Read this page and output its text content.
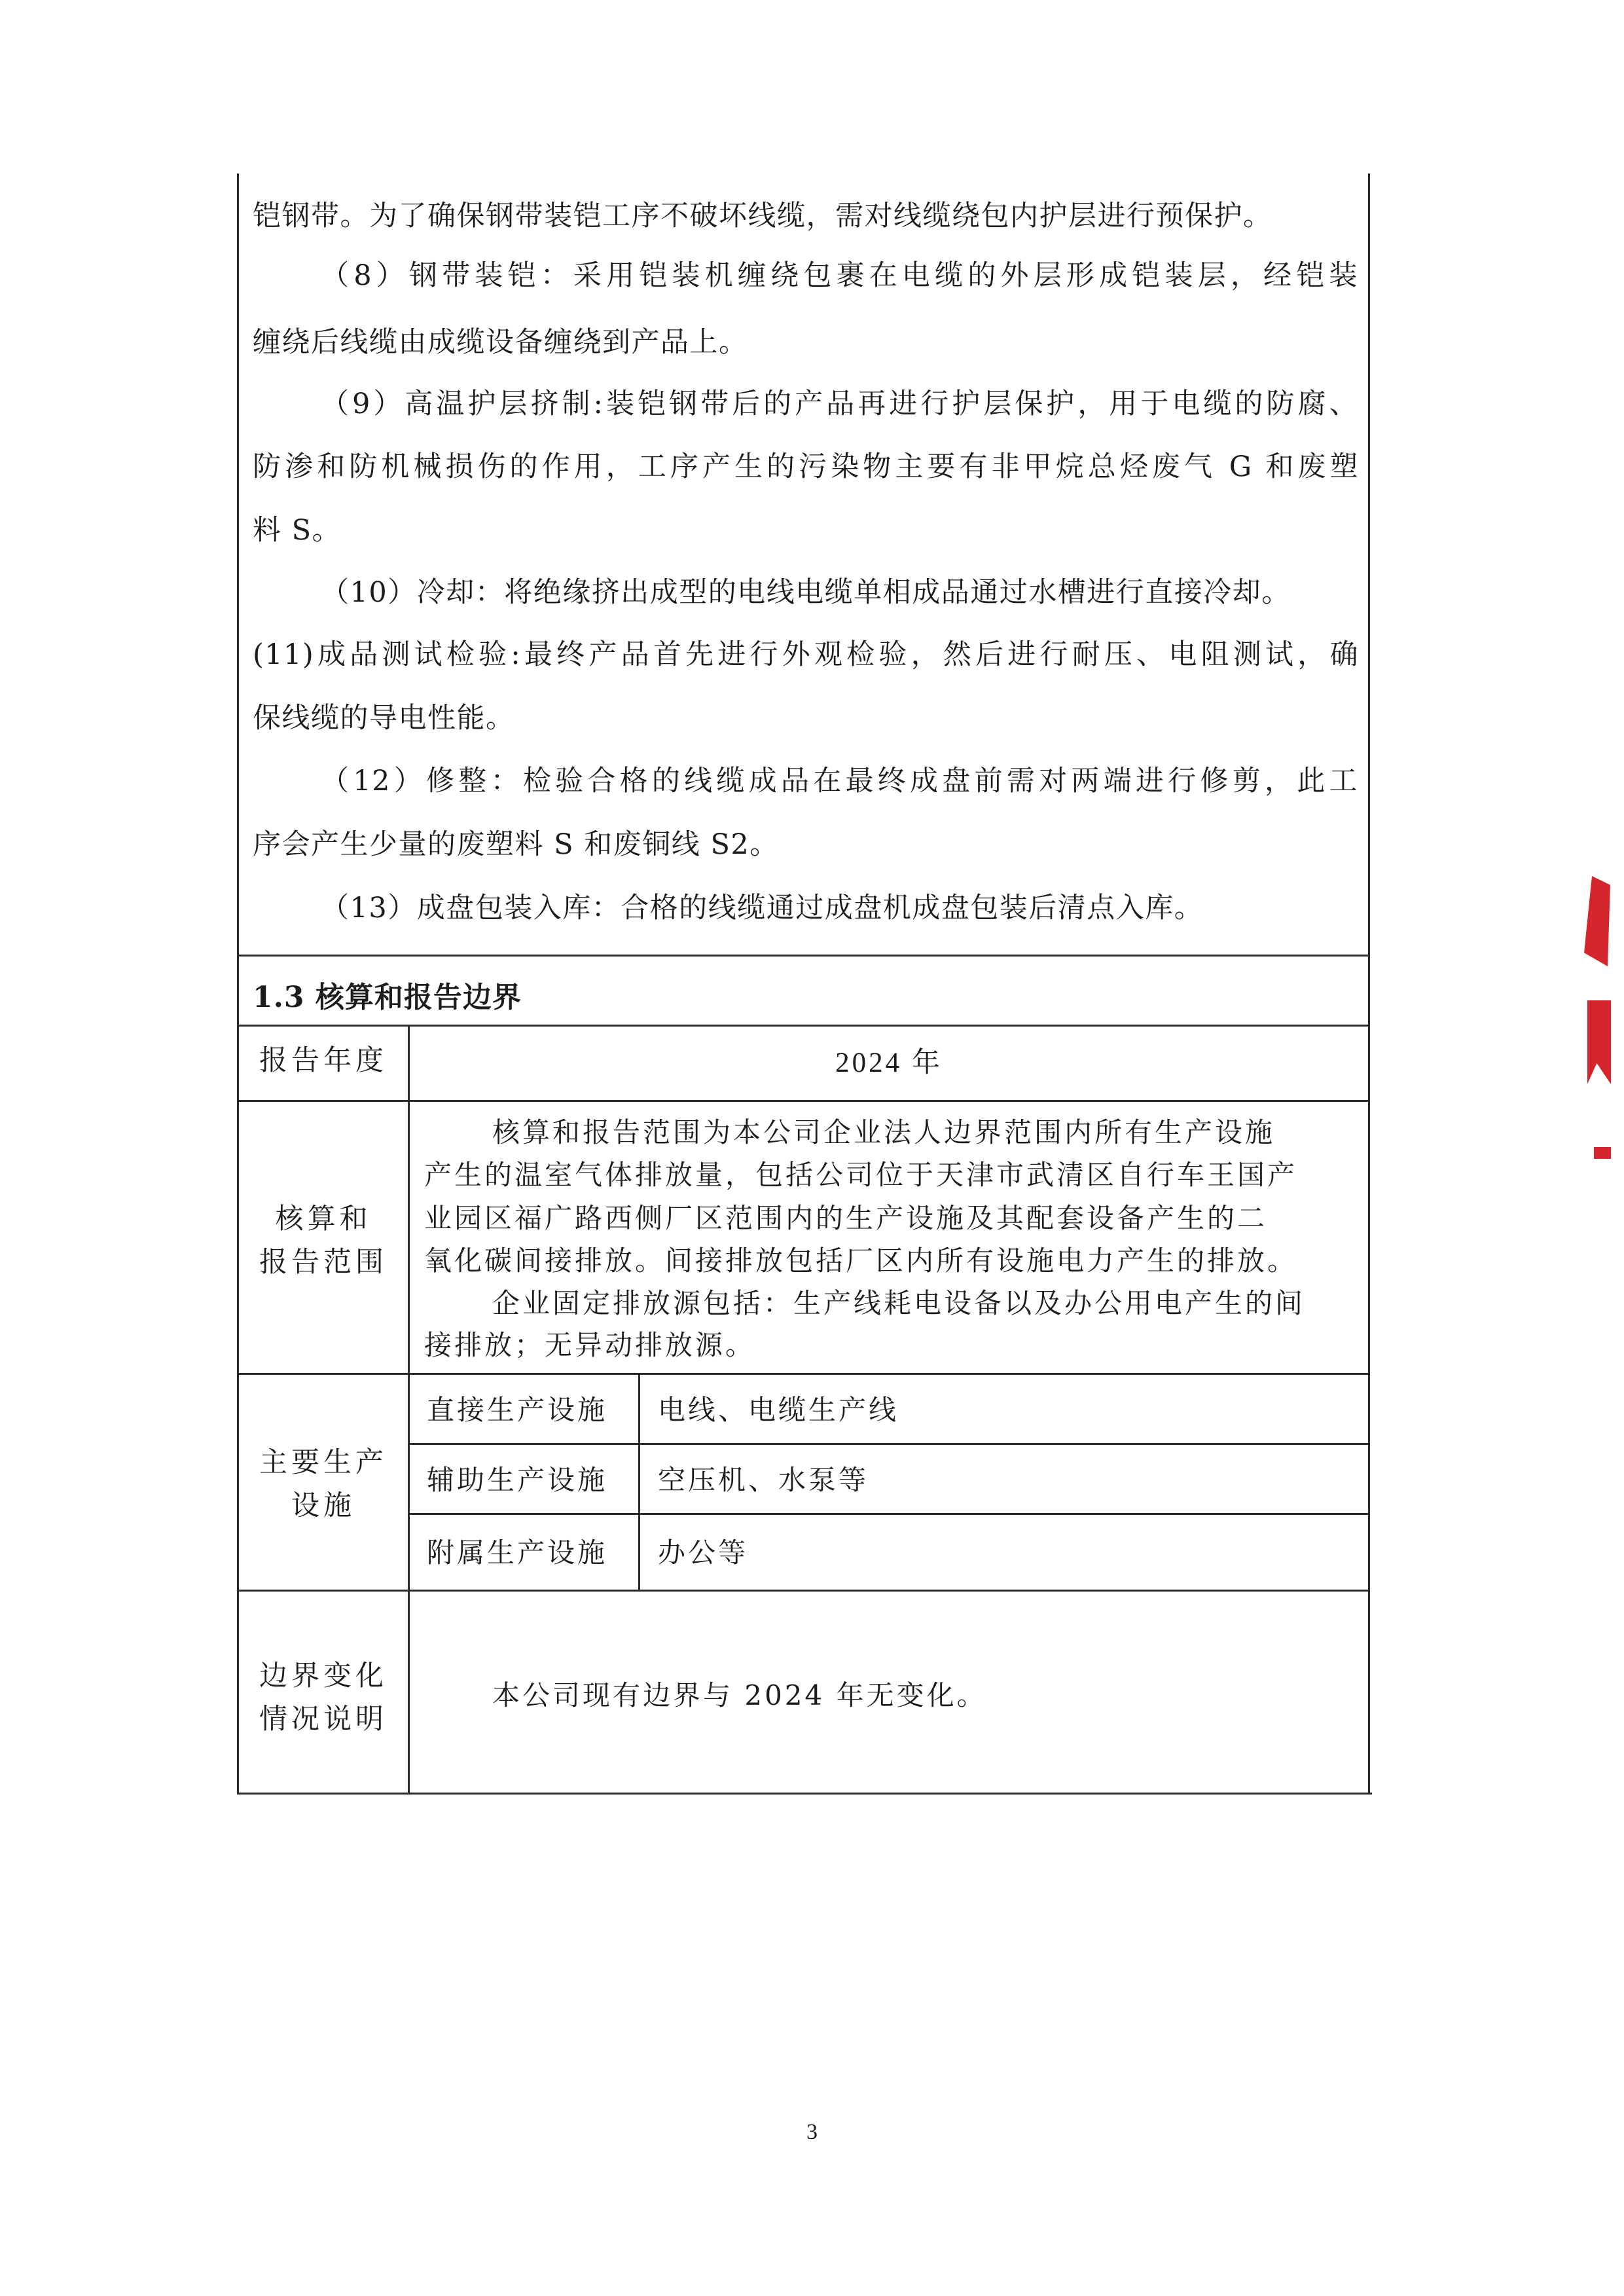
铠钢带。为了确保钢带装铠工序不破坏线缆，需对线缆绕包内护层进行预保护。
（8）钢带装铠：采用铠装机缠绕包裹在电缆的外层形成铠装层，经铠装
缠绕后线缆由成缆设备缠绕到产品上。
（9）高温护层挤制:装铠钢带后的产品再进行护层保护，用于电缆的防腐、
防渗和防机械损伤的作用，工序产生的污染物主要有非甲烷总烃废气 G 和废塑
料 S。
（10）冷却：将绝缘挤出成型的电线电缆单相成品通过水槽进行直接冷却。
(11)成品测试检验:最终产品首先进行外观检验，然后进行耐压、电阻测试，确
保线缆的导电性能。
（12）修整：检验合格的线缆成品在最终成盘前需对两端进行修剪，此工
序会产生少量的废塑料 S 和废铜线 S2。
（13）成盘包装入库：合格的线缆通过成盘机成盘包装后清点入库。
1.3 核算和报告边界
报告年度	2024 年
核算和
报告范围
核算和报告范围为本公司企业法人边界范围内所有生产设施
产生的温室气体排放量，包括公司位于天津市武清区自行车王国产
业园区福广路西侧厂区范围内的生产设施及其配套设备产生的二
氧化碳间接排放。间接排放包括厂区内所有设施电力产生的排放。
企业固定排放源包括：生产线耗电设备以及办公用电产生的间
接排放；无异动排放源。
主要生产
设施
直接生产设施 电线、电缆生产线
辅助生产设施 空压机、水泵等
附属生产设施 办公等
边界变化
情况说明
本公司现有边界与 2024 年无变化。
3
